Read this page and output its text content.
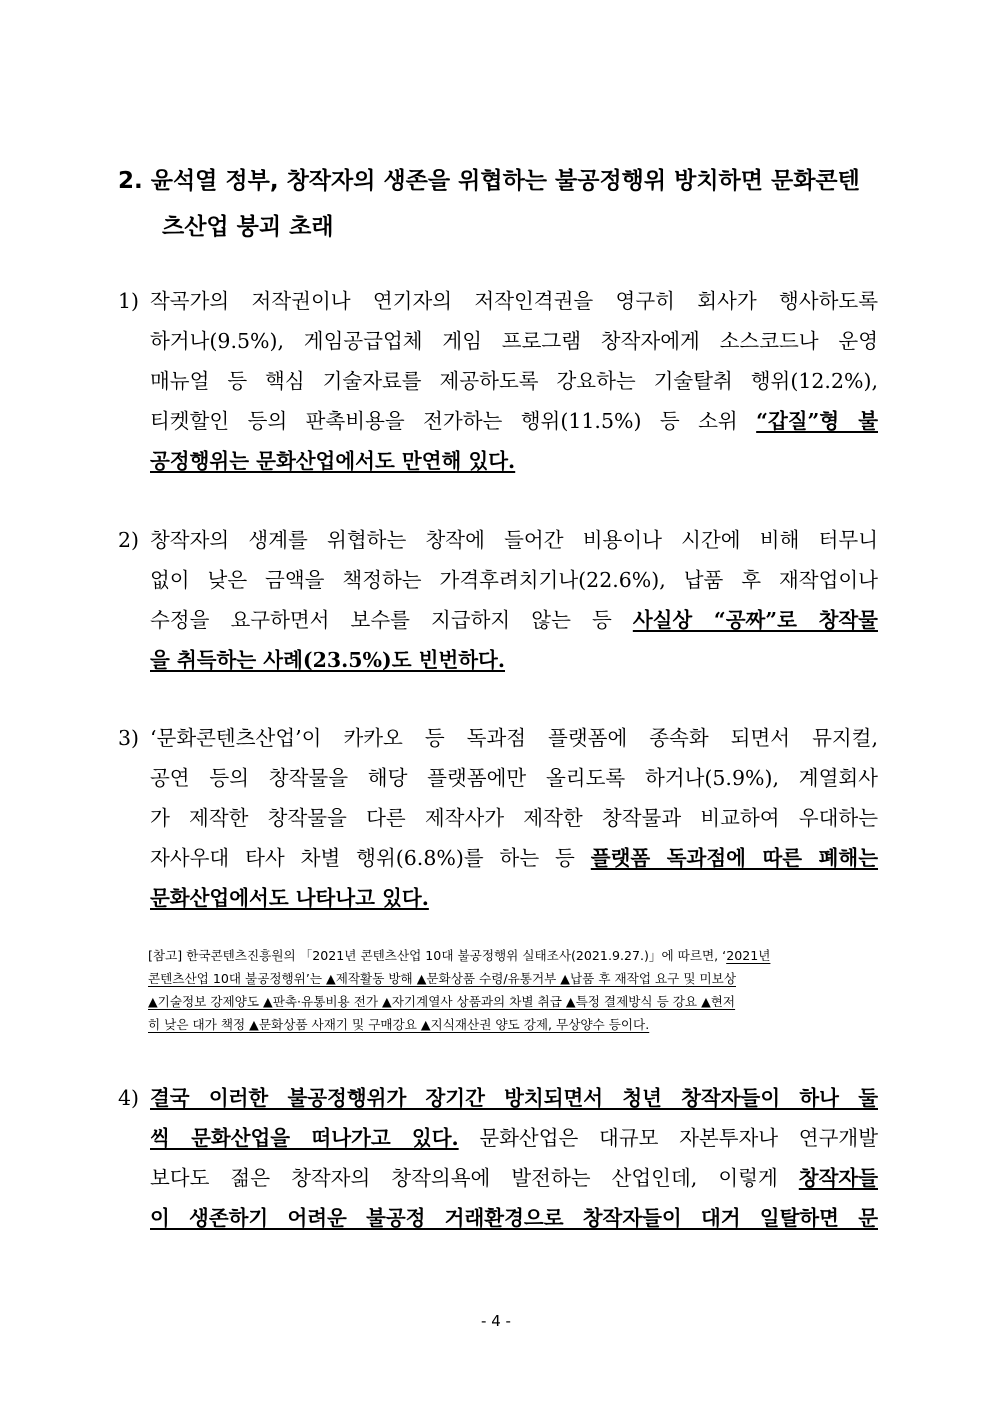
2. 윤석열 정부, 창작자의 생존을 위협하는 불공정행위 방치하면 문화콘텐
츠산업 붕괴 초래
1) 작곡가의 저작권이나 연기자의 저작인격권을 영구히 회사가 행사하도록
하거나(9.5%), 게임공급업체 게임 프로그램 창작자에게 소스코드나 운영
매뉴얼 등 핵심 기술자료를 제공하도록 강요하는 기술탈취 행위(12.2%),
티켓할인 등의 판촉비용을 전가하는 행위(11.5%) 등 소위 “갑질”형 불
공정행위는 문화산업에서도 만연해 있다.
2) 창작자의 생계를 위협하는 창작에 들어간 비용이나 시간에 비해 터무니
없이 낮은 금액을 책정하는 가격후려치기나(22.6%), 납품 후 재작업이나
수정을 요구하면서 보수를 지급하지 않는 등 사실상 “공짜”로 창작물
을 취득하는 사례(23.5%)도 빈번하다.
3) ‘문화콘텐츠산업’이 카카오 등 독과점 플랫폼에 종속화 되면서 뮤지컬,
공연 등의 창작물을 해당 플랫폼에만 올리도록 하거나(5.9%), 계열회사
가 제작한 창작물을 다른 제작사가 제작한 창작물과 비교하여 우대하는
자사우대 타사 차별 행위(6.8%)를 하는 등 플랫폼 독과점에 따른 폐해는
문화산업에서도 나타나고 있다.
[참고] 한국콘텐츠진흥원의 「2021년 콘텐츠산업 10대 불공정행위 실태조사(2021.9.27.)」에 따르면, ‘2021년
콘텐츠산업 10대 불공정행위’는 ▲제작활동 방해 ▲문화상품 수령/유통거부 ▲납품 후 재작업 요구 및 미보상
▲기술정보 강제양도 ▲판촉·유통비용 전가 ▲자기계열사 상품과의 차별 취급 ▲특정 결제방식 등 강요 ▲현저
히 낮은 대가 책정 ▲문화상품 사재기 및 구매강요 ▲지식재산권 양도 강제, 무상양수 등이다.
4) 결국 이러한 불공정행위가 장기간 방치되면서 청년 창작자들이 하나 둘
씩 문화산업을 떠나가고 있다. 문화산업은 대규모 자본투자나 연구개발
보다도 젊은 창작자의 창작의욕에 발전하는 산업인데, 이렇게 창작자들
이 생존하기 어려운 불공정 거래환경으로 창작자들이 대거 일탈하면 문
- 4 -
